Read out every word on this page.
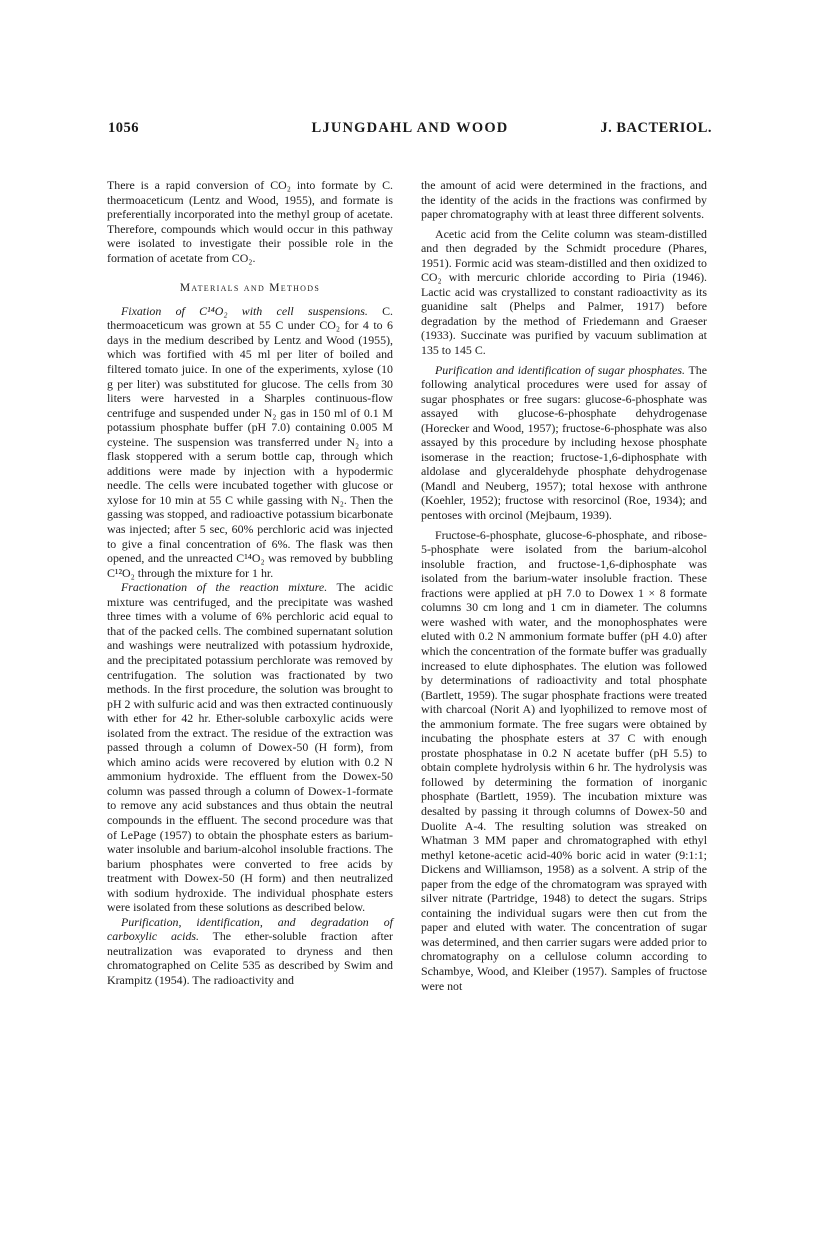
1056	LJUNGDAHL AND WOOD	J. BACTERIOL.

There is a rapid conversion of CO₂ into formate by C. thermoaceticum (Lentz and Wood, 1955), and formate is preferentially incorporated into the methyl group of acetate. Therefore, compounds which would occur in this pathway were isolated to investigate their possible role in the formation of acetate from CO₂.

Materials and Methods

Fixation of C¹⁴O₂ with cell suspensions. C. thermoaceticum was grown at 55 C under CO₂ for 4 to 6 days in the medium described by Lentz and Wood (1955), which was fortified with 45 ml per liter of boiled and filtered tomato juice. In one of the experiments, xylose (10 g per liter) was substituted for glucose. The cells from 30 liters were harvested in a Sharples continuous-flow centrifuge and suspended under N₂ gas in 150 ml of 0.1 M potassium phosphate buffer (pH 7.0) containing 0.005 M cysteine. The suspension was transferred under N₂ into a flask stoppered with a serum bottle cap, through which additions were made by injection with a hypodermic needle. The cells were incubated together with glucose or xylose for 10 min at 55 C while gassing with N₂. Then the gassing was stopped, and radioactive potassium bicarbonate was injected; after 5 sec, 60% perchloric acid was injected to give a final concentration of 6%. The flask was then opened, and the unreacted C¹⁴O₂ was removed by bubbling C¹²O₂ through the mixture for 1 hr.

Fractionation of the reaction mixture. The acidic mixture was centrifuged, and the precipitate was washed three times with a volume of 6% perchloric acid equal to that of the packed cells. The combined supernatant solution and washings were neutralized with potassium hydroxide, and the precipitated potassium perchlorate was removed by centrifugation. The solution was fractionated by two methods. In the first procedure, the solution was brought to pH 2 with sulfuric acid and was then extracted continuously with ether for 42 hr. Ether-soluble carboxylic acids were isolated from the extract. The residue of the extraction was passed through a column of Dowex-50 (H form), from which amino acids were recovered by elution with 0.2 N ammonium hydroxide. The effluent from the Dowex-50 column was passed through a column of Dowex-1-formate to remove any acid substances and thus obtain the neutral compounds in the effluent. The second procedure was that of LePage (1957) to obtain the phosphate esters as barium-water insoluble and barium-alcohol insoluble fractions. The barium phosphates were converted to free acids by treatment with Dowex-50 (H form) and then neutralized with sodium hydroxide. The individual phosphate esters were isolated from these solutions as described below.

Purification, identification, and degradation of carboxylic acids. The ether-soluble fraction after neutralization was evaporated to dryness and then chromatographed on Celite 535 as described by Swim and Krampitz (1954). The radioactivity and

the amount of acid were determined in the fractions, and the identity of the acids in the fractions was confirmed by paper chromatography with at least three different solvents.

Acetic acid from the Celite column was steam-distilled and then degraded by the Schmidt procedure (Phares, 1951). Formic acid was steam-distilled and then oxidized to CO₂ with mercuric chloride according to Piria (1946). Lactic acid was crystallized to constant radioactivity as its guanidine salt (Phelps and Palmer, 1917) before degradation by the method of Friedemann and Graeser (1933). Succinate was purified by vacuum sublimation at 135 to 145 C.

Purification and identification of sugar phosphates. The following analytical procedures were used for assay of sugar phosphates or free sugars: glucose-6-phosphate was assayed with glucose-6-phosphate dehydrogenase (Horecker and Wood, 1957); fructose-6-phosphate was also assayed by this procedure by including hexose phosphate isomerase in the reaction; fructose-1,6-diphosphate with aldolase and glyceraldehyde phosphate dehydrogenase (Mandl and Neuberg, 1957); total hexose with anthrone (Koehler, 1952); fructose with resorcinol (Roe, 1934); and pentoses with orcinol (Mejbaum, 1939).

Fructose-6-phosphate, glucose-6-phosphate, and ribose-5-phosphate were isolated from the barium-alcohol insoluble fraction, and fructose-1,6-diphosphate was isolated from the barium-water insoluble fraction. These fractions were applied at pH 7.0 to Dowex 1 × 8 formate columns 30 cm long and 1 cm in diameter. The columns were washed with water, and the monophosphates were eluted with 0.2 N ammonium formate buffer (pH 4.0) after which the concentration of the formate buffer was gradually increased to elute diphosphates. The elution was followed by determinations of radioactivity and total phosphate (Bartlett, 1959). The sugar phosphate fractions were treated with charcoal (Norit A) and lyophilized to remove most of the ammonium formate. The free sugars were obtained by incubating the phosphate esters at 37 C with enough prostate phosphatase in 0.2 N acetate buffer (pH 5.5) to obtain complete hydrolysis within 6 hr. The hydrolysis was followed by determining the formation of inorganic phosphate (Bartlett, 1959). The incubation mixture was desalted by passing it through columns of Dowex-50 and Duolite A-4. The resulting solution was streaked on Whatman 3 MM paper and chromatographed with ethyl methyl ketone-acetic acid-40% boric acid in water (9:1:1; Dickens and Williamson, 1958) as a solvent. A strip of the paper from the edge of the chromatogram was sprayed with silver nitrate (Partridge, 1948) to detect the sugars. Strips containing the individual sugars were then cut from the paper and eluted with water. The concentration of sugar was determined, and then carrier sugars were added prior to chromatography on a cellulose column according to Schambye, Wood, and Kleiber (1957). Samples of fructose were not
